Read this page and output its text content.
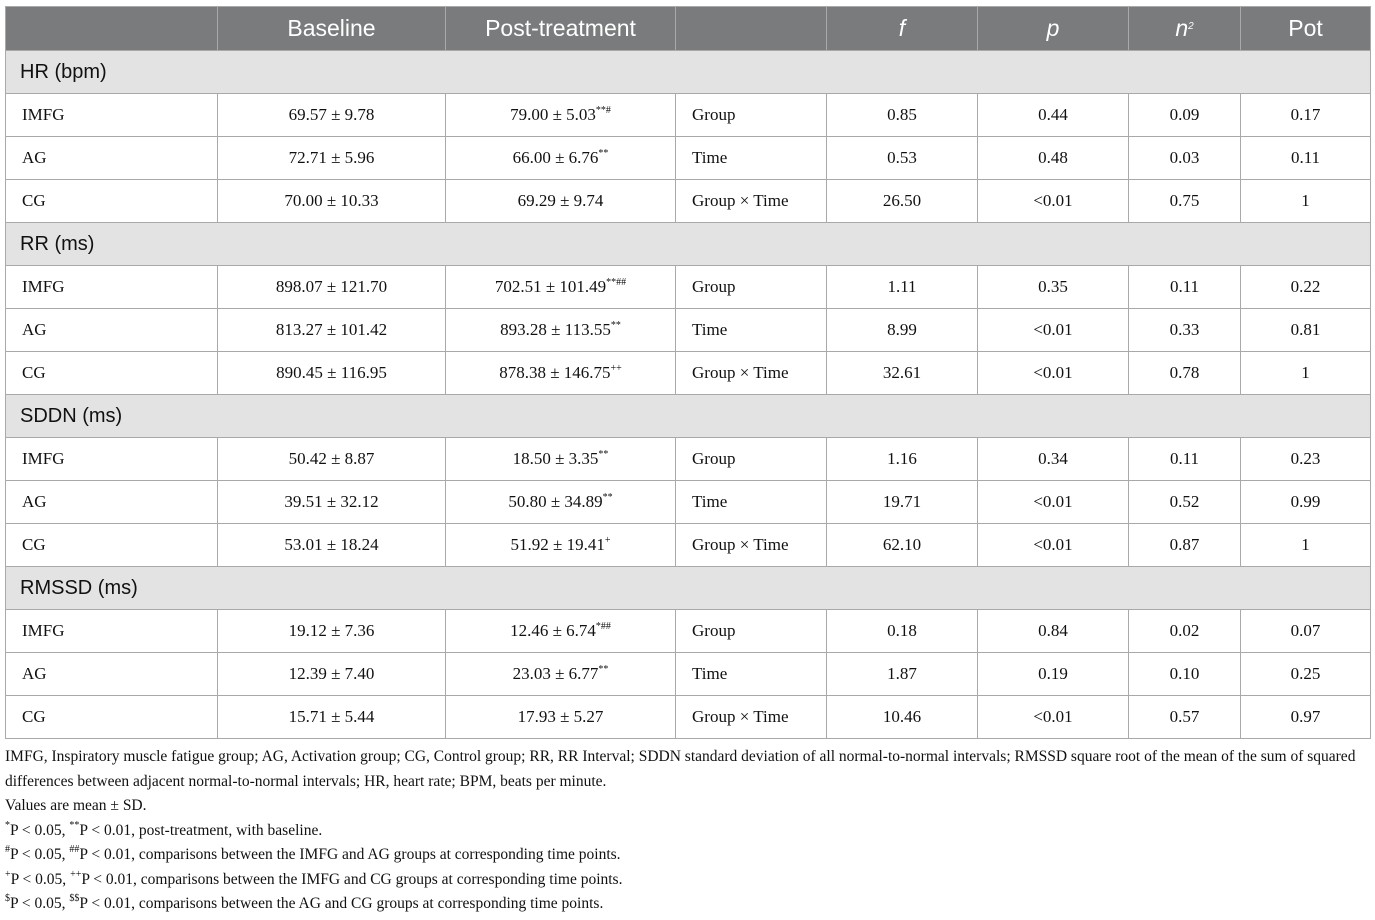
	Baseline	Post-treatment		f	p	$n^2$	Pot
HR (bpm)							
IMFG	69.57 ± 9.78	79.00 ± 5.03**#	Group	0.85	0.44	0.09	0.17
AG	72.71 ± 5.96	66.00 ± 6.76**	Time	0.53	0.48	0.03	0.11
CG	70.00 ± 10.33	69.29 ± 9.74	Group × Time	26.50	<0.01	0.75	1
RR (ms)							
IMFG	898.07 ± 121.70	702.51 ± 101.49**##	Group	1.11	0.35	0.11	0.22
AG	813.27 ± 101.42	893.28 ± 113.55**	Time	8.99	<0.01	0.33	0.81
CG	890.45 ± 116.95	878.38 ± 146.75++	Group × Time	32.61	<0.01	0.78	1
SDDN (ms)							
IMFG	50.42 ± 8.87	18.50 ± 3.35**	Group	1.16	0.34	0.11	0.23
AG	39.51 ± 32.12	50.80 ± 34.89**	Time	19.71	<0.01	0.52	0.99
CG	53.01 ± 18.24	51.92 ± 19.41+	Group × Time	62.10	<0.01	0.87	1
RMSSD (ms)							
IMFG	19.12 ± 7.36	12.46 ± 6.74*##	Group	0.18	0.84	0.02	0.07
AG	12.39 ± 7.40	23.03 ± 6.77**	Time	1.87	0.19	0.10	0.25
CG	15.71 ± 5.44	17.93 ± 5.27	Group × Time	10.46	<0.01	0.57	0.97

IMFG, Inspiratory muscle fatigue group; AG, Activation group; CG, Control group; RR, RR Interval; SDDN standard deviation of all normal-to-normal intervals; RMSSD square root of the mean of the sum of squared differences between adjacent normal-to-normal intervals; HR, heart rate; BPM, beats per minute.

Values are mean ± SD.

*P < 0.05, **P < 0.01, post-treatment, with baseline.

#P < 0.05, ##P < 0.01, comparisons between the IMFG and AG groups at corresponding time points.

+P < 0.05, ++P < 0.01, comparisons between the IMFG and CG groups at corresponding time points.

$P < 0.05, $$P < 0.01, comparisons between the AG and CG groups at corresponding time points.
